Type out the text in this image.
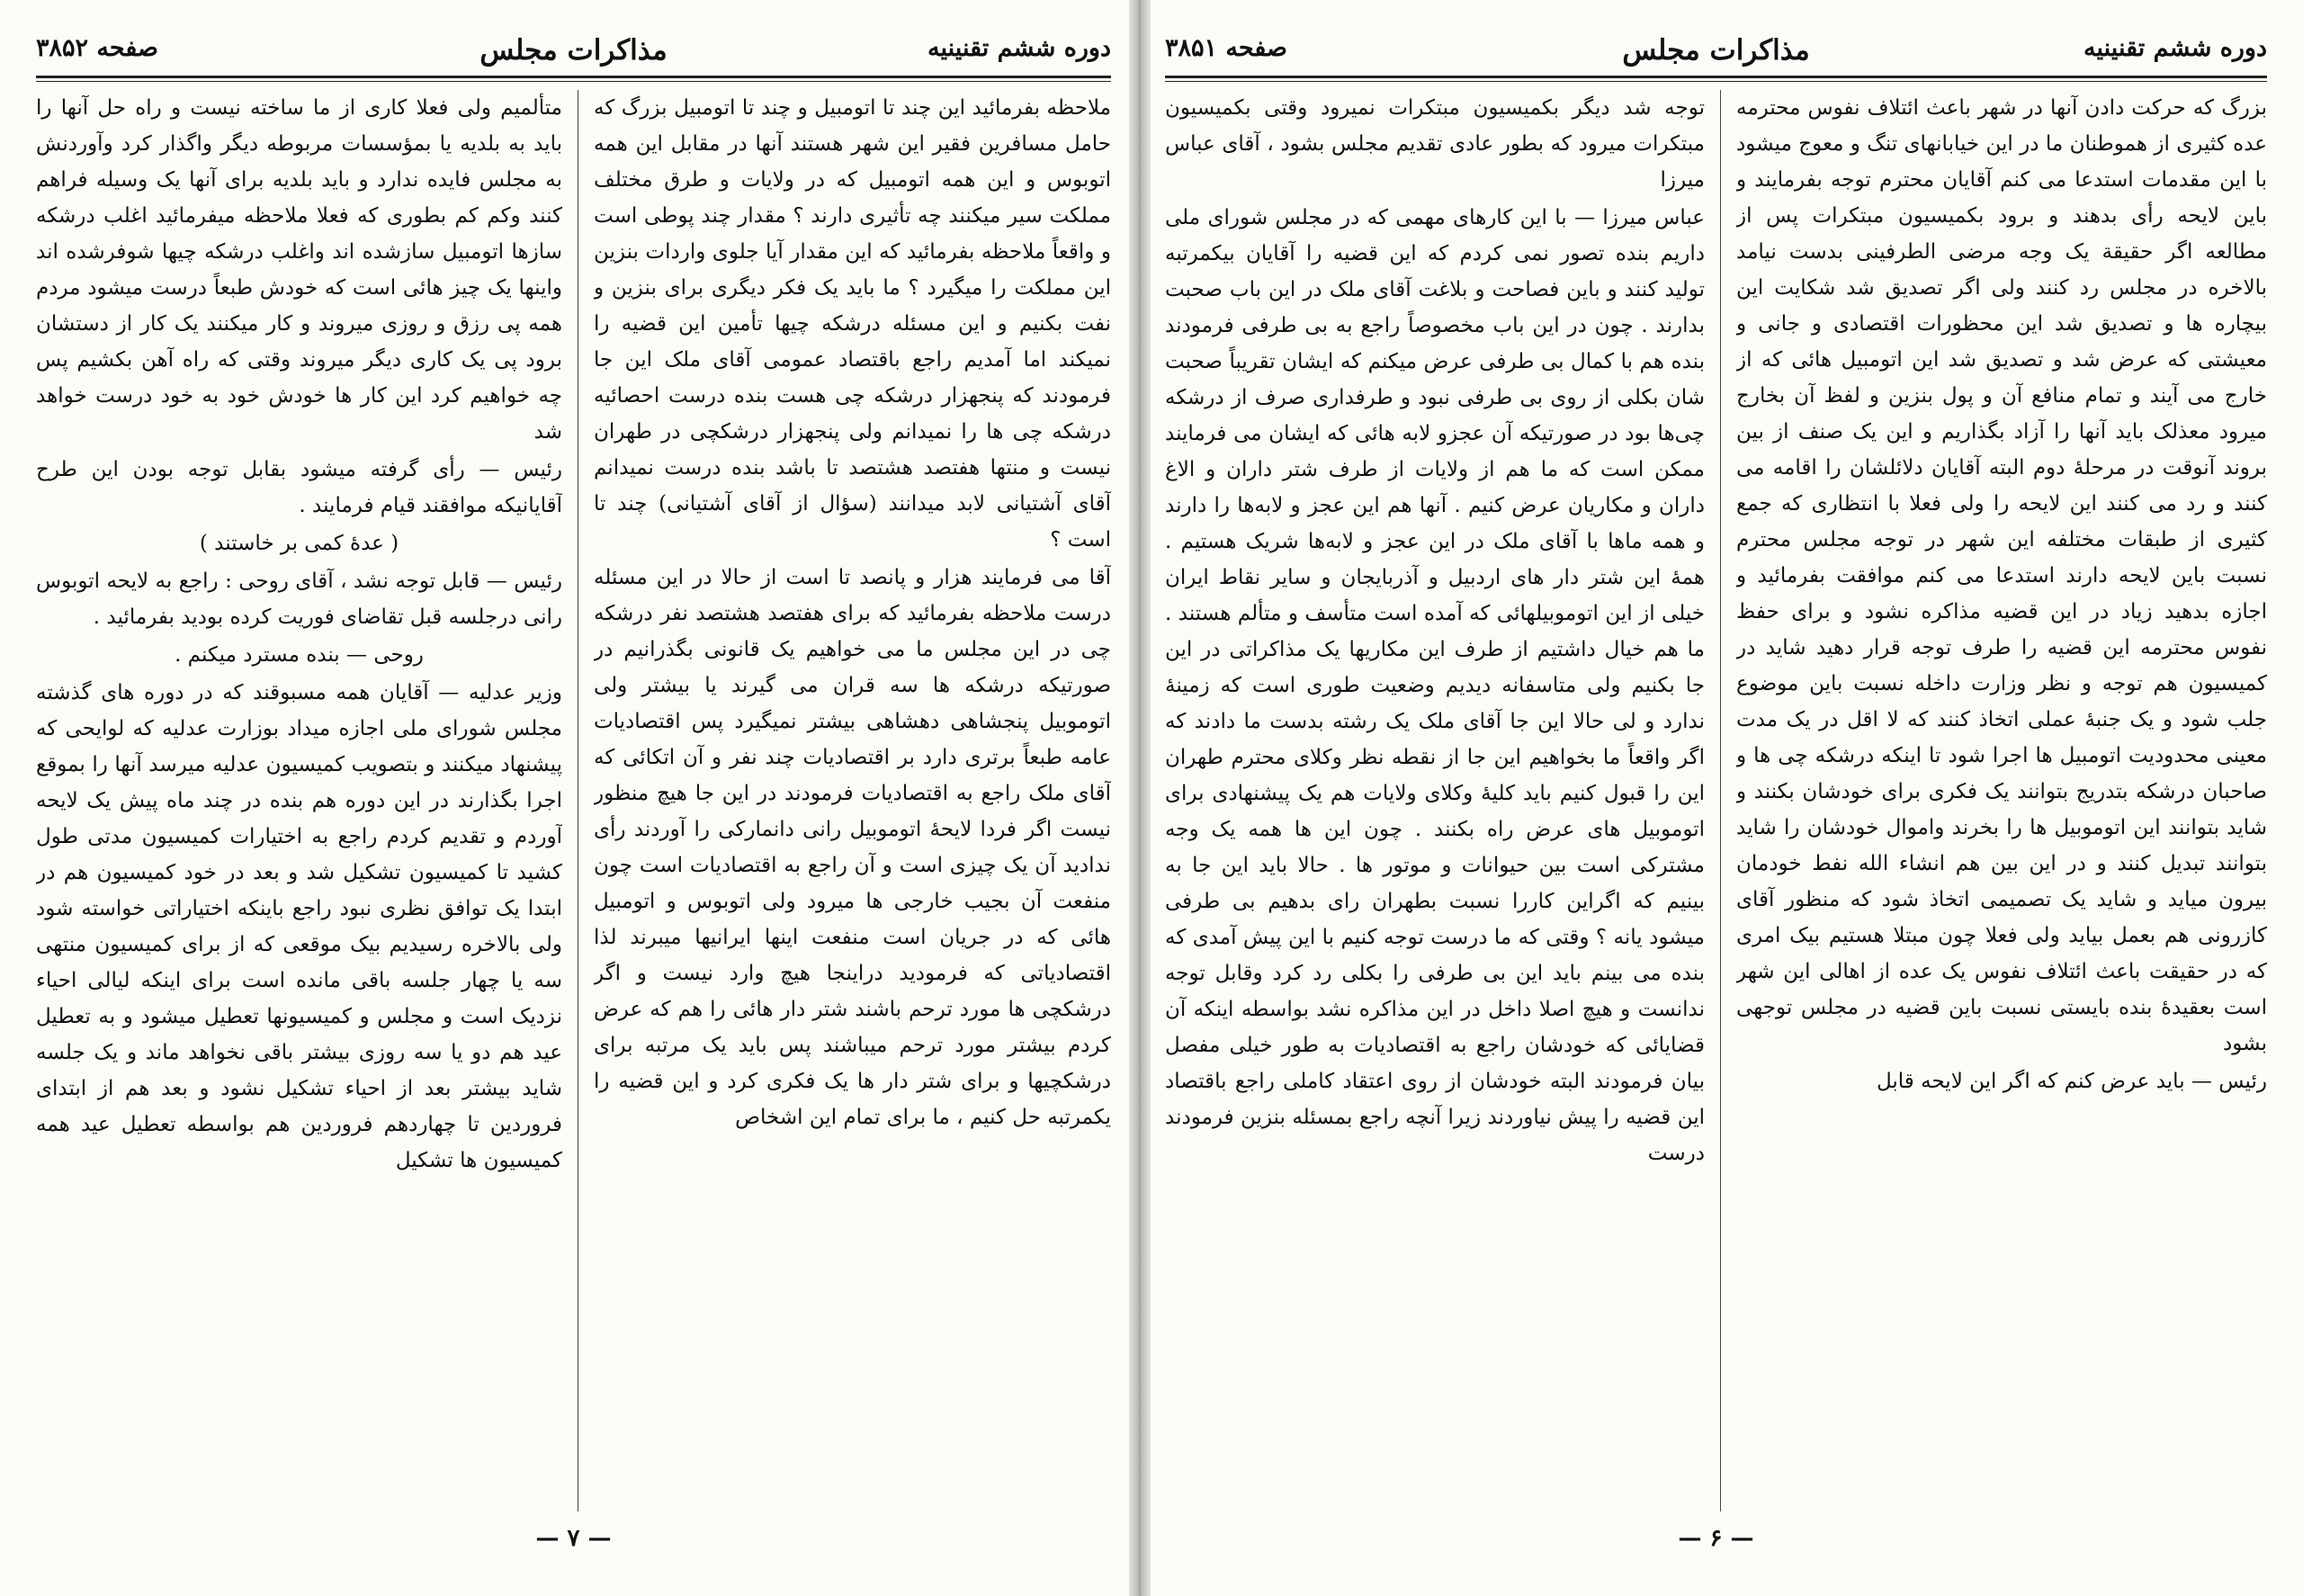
دوره ششم تقنینیه
مذاکرات مجلس
صفحه ۳۸۵۲

ملاحظه بفرمائید این چند تا اتومبیل و چند تا اتومبیل بزرگ که حامل مسافرین فقیر این شهر هستند آنها در مقابل این همه اتوبوس و این همه اتومبیل که در ولایات و طرق مختلف مملکت سیر میکنند چه تأثیری دارند ؟ مقدار چند پوطی است و واقعاً ملاحظه بفرمائید که این مقدار آیا جلوی واردات بنزین این مملکت را میگیرد ؟ ما باید یک فکر دیگری برای بنزین و نفت بکنیم و این مسئله درشکه چیها تأمین این قضیه را نمیکند اما آمدیم راجع باقتصاد عمومی آقای ملک این جا فرمودند که پنجهزار درشکه چی هست بنده درست احصائیه درشکه چی ها را نمیدانم ولی پنجهزار درشکچی در طهران نیست و منتها هفتصد هشتصد تا باشد بنده درست نمیدانم آقای آشتیانی لابد میدانند (سؤال از آقای آشتیانی) چند تا است ؟

آقا می فرمایند هزار و پانصد تا است از حالا در این مسئله درست ملاحظه بفرمائید که برای هفتصد هشتصد نفر درشکه چی در این مجلس ما می خواهیم یک قانونی بگذرانیم در صورتیکه درشکه ها سه قران می گیرند یا بیشتر ولی اتوموبیل پنجشاهی دهشاهی بیشتر نمیگیرد پس اقتصادیات عامه طبعاً برتری دارد بر اقتصادیات چند نفر و آن اتکائی که آقای ملک راجع به اقتصادیات فرمودند در این جا هیچ منظور نیست اگر فردا لایحهٔ اتوموبیل رانی دانمارکی را آوردند رأی ندادید آن یک چیزی است و آن راجع به اقتصادیات است چون منفعت آن بجیب خارجی ها میرود ولی اتوبوس و اتومبیل هائی که در جریان است منفعت اینها ایرانیها میبرند لذا اقتصادیاتی که فرمودید دراینجا هیچ وارد نیست و اگر درشکچی ها مورد ترحم باشند شتر دار هائی را هم که عرض کردم بیشتر مورد ترحم میباشند پس باید یک مرتبه برای درشکچیها و برای شتر دار ها یک فکری کرد و این قضیه را یکمرتبه حل کنیم ، ما برای تمام این اشخاص

متألمیم ولی فعلا کاری از ما ساخته نیست و راه حل آنها را باید به بلدیه یا بمؤسسات مربوطه دیگر واگذار کرد وآوردنش به مجلس فایده ندارد و باید بلدیه برای آنها یک وسیله فراهم کنند وکم کم بطوری که فعلا ملاحظه میفرمائید اغلب درشکه سازها اتومبیل سازشده اند واغلب درشکه چیها شوفرشده اند واینها یک چیز هائی است که خودش طبعاً درست میشود مردم همه پی رزق و روزی میروند و کار میکنند یک کار از دستشان برود پی یک کاری دیگر میروند وقتی که راه آهن بکشیم پس چه خواهیم کرد این کار ها خودش خود به خود درست خواهد شد

رئیس — رأی گرفته میشود بقابل توجه بودن این طرح آقایانیکه موافقند قیام فرمایند .

( عدهٔ کمی بر خاستند )

رئیس — قابل توجه نشد ، آقای روحی : راجع به لایحه اتوبوس رانی درجلسه قبل تقاضای فوریت کرده بودید بفرمائید .

روحی — بنده مسترد میکنم .

وزیر عدلیه — آقایان همه مسبوقند که در دوره های گذشته مجلس شورای ملی اجازه میداد بوزارت عدلیه که لوایحی که پیشنهاد میکنند و بتصویب کمیسیون عدلیه میرسد آنها را بموقع اجرا بگذارند در این دوره هم بنده در چند ماه پیش یک لایحه آوردم و تقدیم کردم راجع به اختیارات کمیسیون مدتی طول کشید تا کمیسیون تشکیل شد و بعد در خود کمیسیون هم در ابتدا یک توافق نظری نبود راجع باینکه اختیاراتی خواسته شود ولی بالاخره رسیدیم بیک موقعی که از برای کمیسیون منتهی سه یا چهار جلسه باقی مانده است برای اینکه لیالی احیاء نزدیک است و مجلس و کمیسیونها تعطیل میشود و به تعطیل عید هم دو یا سه روزی بیشتر باقی نخواهد ماند و یک جلسه شاید بیشتر بعد از احیاء تشکیل نشود و بعد هم از ابتدای فروردین تا چهاردهم فروردین هم بواسطه تعطیل عید همه کمیسیون ها تشکیل

— ۷ —
دوره ششم تقنینیه
مذاکرات مجلس
صفحه ۳۸۵۱

بزرگ که حرکت دادن آنها در شهر باعث ائتلاف نفوس محترمه عده کثیری از هموطنان ما در این خیابانهای تنگ و معوج میشود با این مقدمات استدعا می کنم آقایان محترم توجه بفرمایند و باین لایحه رأی بدهند و برود بکمیسیون مبتکرات پس از مطالعه اگر حقیقة یک وجه مرضی الطرفینی بدست نیامد بالاخره در مجلس رد کنند ولی اگر تصدیق شد شکایت این بیچاره ها و تصدیق شد این محظورات اقتصادی و جانی و معیشتی که عرض شد و تصدیق شد این اتومبیل هائی که از خارج می آیند و تمام منافع آن و پول بنزین و لفظ آن بخارج میرود معذلک باید آنها را آزاد بگذاریم و این یک صنف از بین بروند آنوقت در مرحلهٔ دوم البته آقایان دلائلشان را اقامه می کنند و رد می کنند این لایحه را ولی فعلا با انتظاری که جمع کثیری از طبقات مختلفه این شهر در توجه مجلس محترم نسبت باین لایحه دارند استدعا می کنم موافقت بفرمائید و اجازه بدهید زیاد در این قضیه مذاکره نشود و برای حفظ نفوس محترمه این قضیه را طرف توجه قرار دهید شاید در کمیسیون هم توجه و نظر وزارت داخله نسبت باین موضوع جلب شود و یک جنبهٔ عملی اتخاذ کنند که لا اقل در یک مدت معینی محدودیت اتومبیل ها اجرا شود تا اینکه درشکه چی ها و صاحبان درشکه بتدریج بتوانند یک فکری برای خودشان بکنند و شاید بتوانند این اتوموبیل ها را بخرند واموال خودشان را شاید بتوانند تبدیل کنند و در این بین هم انشاء الله نفط خودمان بیرون میاید و شاید یک تصمیمی اتخاذ شود که منظور آقای کازرونی هم بعمل بیاید ولی فعلا چون مبتلا هستیم بیک امری که در حقیقت باعث ائتلاف نفوس یک عده از اهالی این شهر است بعقیدهٔ بنده بایستی نسبت باین قضیه در مجلس توجهی بشود

رئیس — باید عرض کنم که اگر این لایحه قابل

توجه شد دیگر بکمیسیون مبتکرات نمیرود وقتی بکمیسیون مبتکرات میرود که بطور عادی تقدیم مجلس بشود ، آقای عباس میرزا

عباس میرزا — با این کارهای مهمی که در مجلس شورای ملی داریم بنده تصور نمی کردم که این قضیه را آقایان بیکمرتبه تولید کنند و باین فصاحت و بلاغت آقای ملک در این باب صحبت بدارند . چون در این باب مخصوصاً راجع به بی طرفی فرمودند بنده هم با کمال بی طرفی عرض میکنم که ایشان تقریباً صحبت شان بکلی از روی بی طرفی نبود و طرفداری صرف از درشکه چی‌ها بود در صورتیکه آن عجزو لابه هائی که ایشان می فرمایند ممکن است که ما هم از ولایات از طرف شتر داران و الاغ داران و مکاریان عرض کنیم . آنها هم این عجز و لابه‌ها را دارند و همه ماها با آقای ملک در این عجز و لابه‌ها شریک هستیم . همهٔ این شتر دار های اردبیل و آذربایجان و سایر نقاط ایران خیلی از این اتوموبیلهائی که آمده است متأسف و متألم هستند . ما هم خیال داشتیم از طرف این مکاریها یک مذاکراتی در این جا بکنیم ولی متاسفانه دیدیم وضعیت طوری است که زمینهٔ ندارد و لی حالا این جا آقای ملک یک رشته بدست ما دادند که اگر واقعاً ما بخواهیم این جا از نقطه نظر وکلای محترم طهران این را قبول کنیم باید کلیهٔ وکلای ولایات هم یک پیشنهادی برای اتوموبیل های عرض راه بکنند . چون این ها همه یک وجه مشترکی است بین حیوانات و موتور ها . حالا باید این جا به بینیم که اگراین کاررا نسبت بطهران رای بدهیم بی طرفی میشود یانه ؟ وقتی که ما درست توجه کنیم با این پیش آمدی که بنده می بینم باید این بی طرفی را بکلی رد کرد وقابل توجه ندانست و هیچ اصلا داخل در این مذاکره نشد بواسطه اینکه آن قضایائی که خودشان راجع به اقتصادیات به طور خیلی مفصل بیان فرمودند البته خودشان از روی اعتقاد کاملی راجع باقتصاد این قضیه را پیش نیاوردند زیرا آنچه راجع بمسئله بنزین فرمودند درست

— ۶ —
